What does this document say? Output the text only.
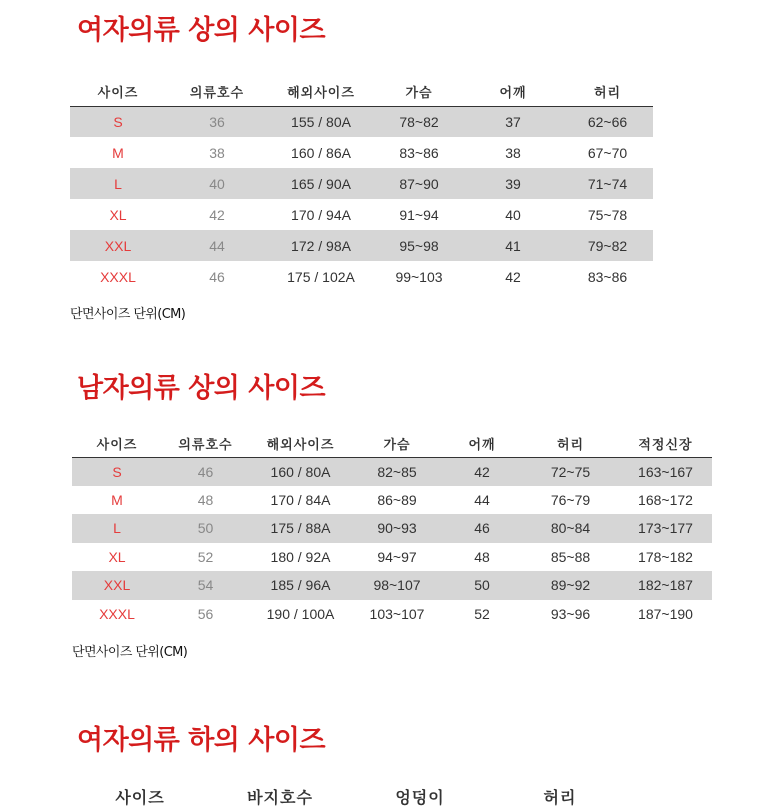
여자의류 상의 사이즈
사이즈	의류호수	해외사이즈	가슴	어깨	허리
S	36	155 / 80A	78~82	37	62~66
M	38	160 / 86A	83~86	38	67~70
L	40	165 / 90A	87~90	39	71~74
XL	42	170 / 94A	91~94	40	75~78
XXL	44	172 / 98A	95~98	41	79~82
XXXL	46	175 / 102A	99~103	42	83~86
단면사이즈 단위(CM)
남자의류 상의 사이즈
사이즈	의류호수	해외사이즈	가슴	어깨	허리	적정신장
S	46	160 / 80A	82~85	42	72~75	163~167
M	48	170 / 84A	86~89	44	76~79	168~172
L	50	175 / 88A	90~93	46	80~84	173~177
XL	52	180 / 92A	94~97	48	85~88	178~182
XXL	54	185 / 96A	98~107	50	89~92	182~187
XXXL	56	190 / 100A	103~107	52	93~96	187~190
단면사이즈 단위(CM)
여자의류 하의 사이즈
사이즈	바지호수	엉덩이	허리
